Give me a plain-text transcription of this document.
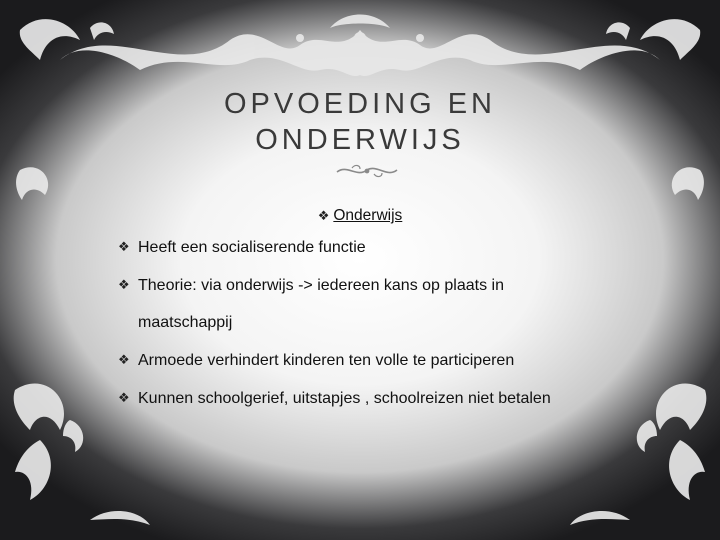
OPVOEDING EN
ONDERWIJS
❖ Onderwijs
❖ Heeft een socialiserende functie
❖ Theorie: via onderwijs -> iedereen kans op plaats in
maatschappij
❖ Armoede verhindert kinderen ten volle te participeren
❖ Kunnen schoolgerief, uitstapjes , schoolreizen niet betalen
